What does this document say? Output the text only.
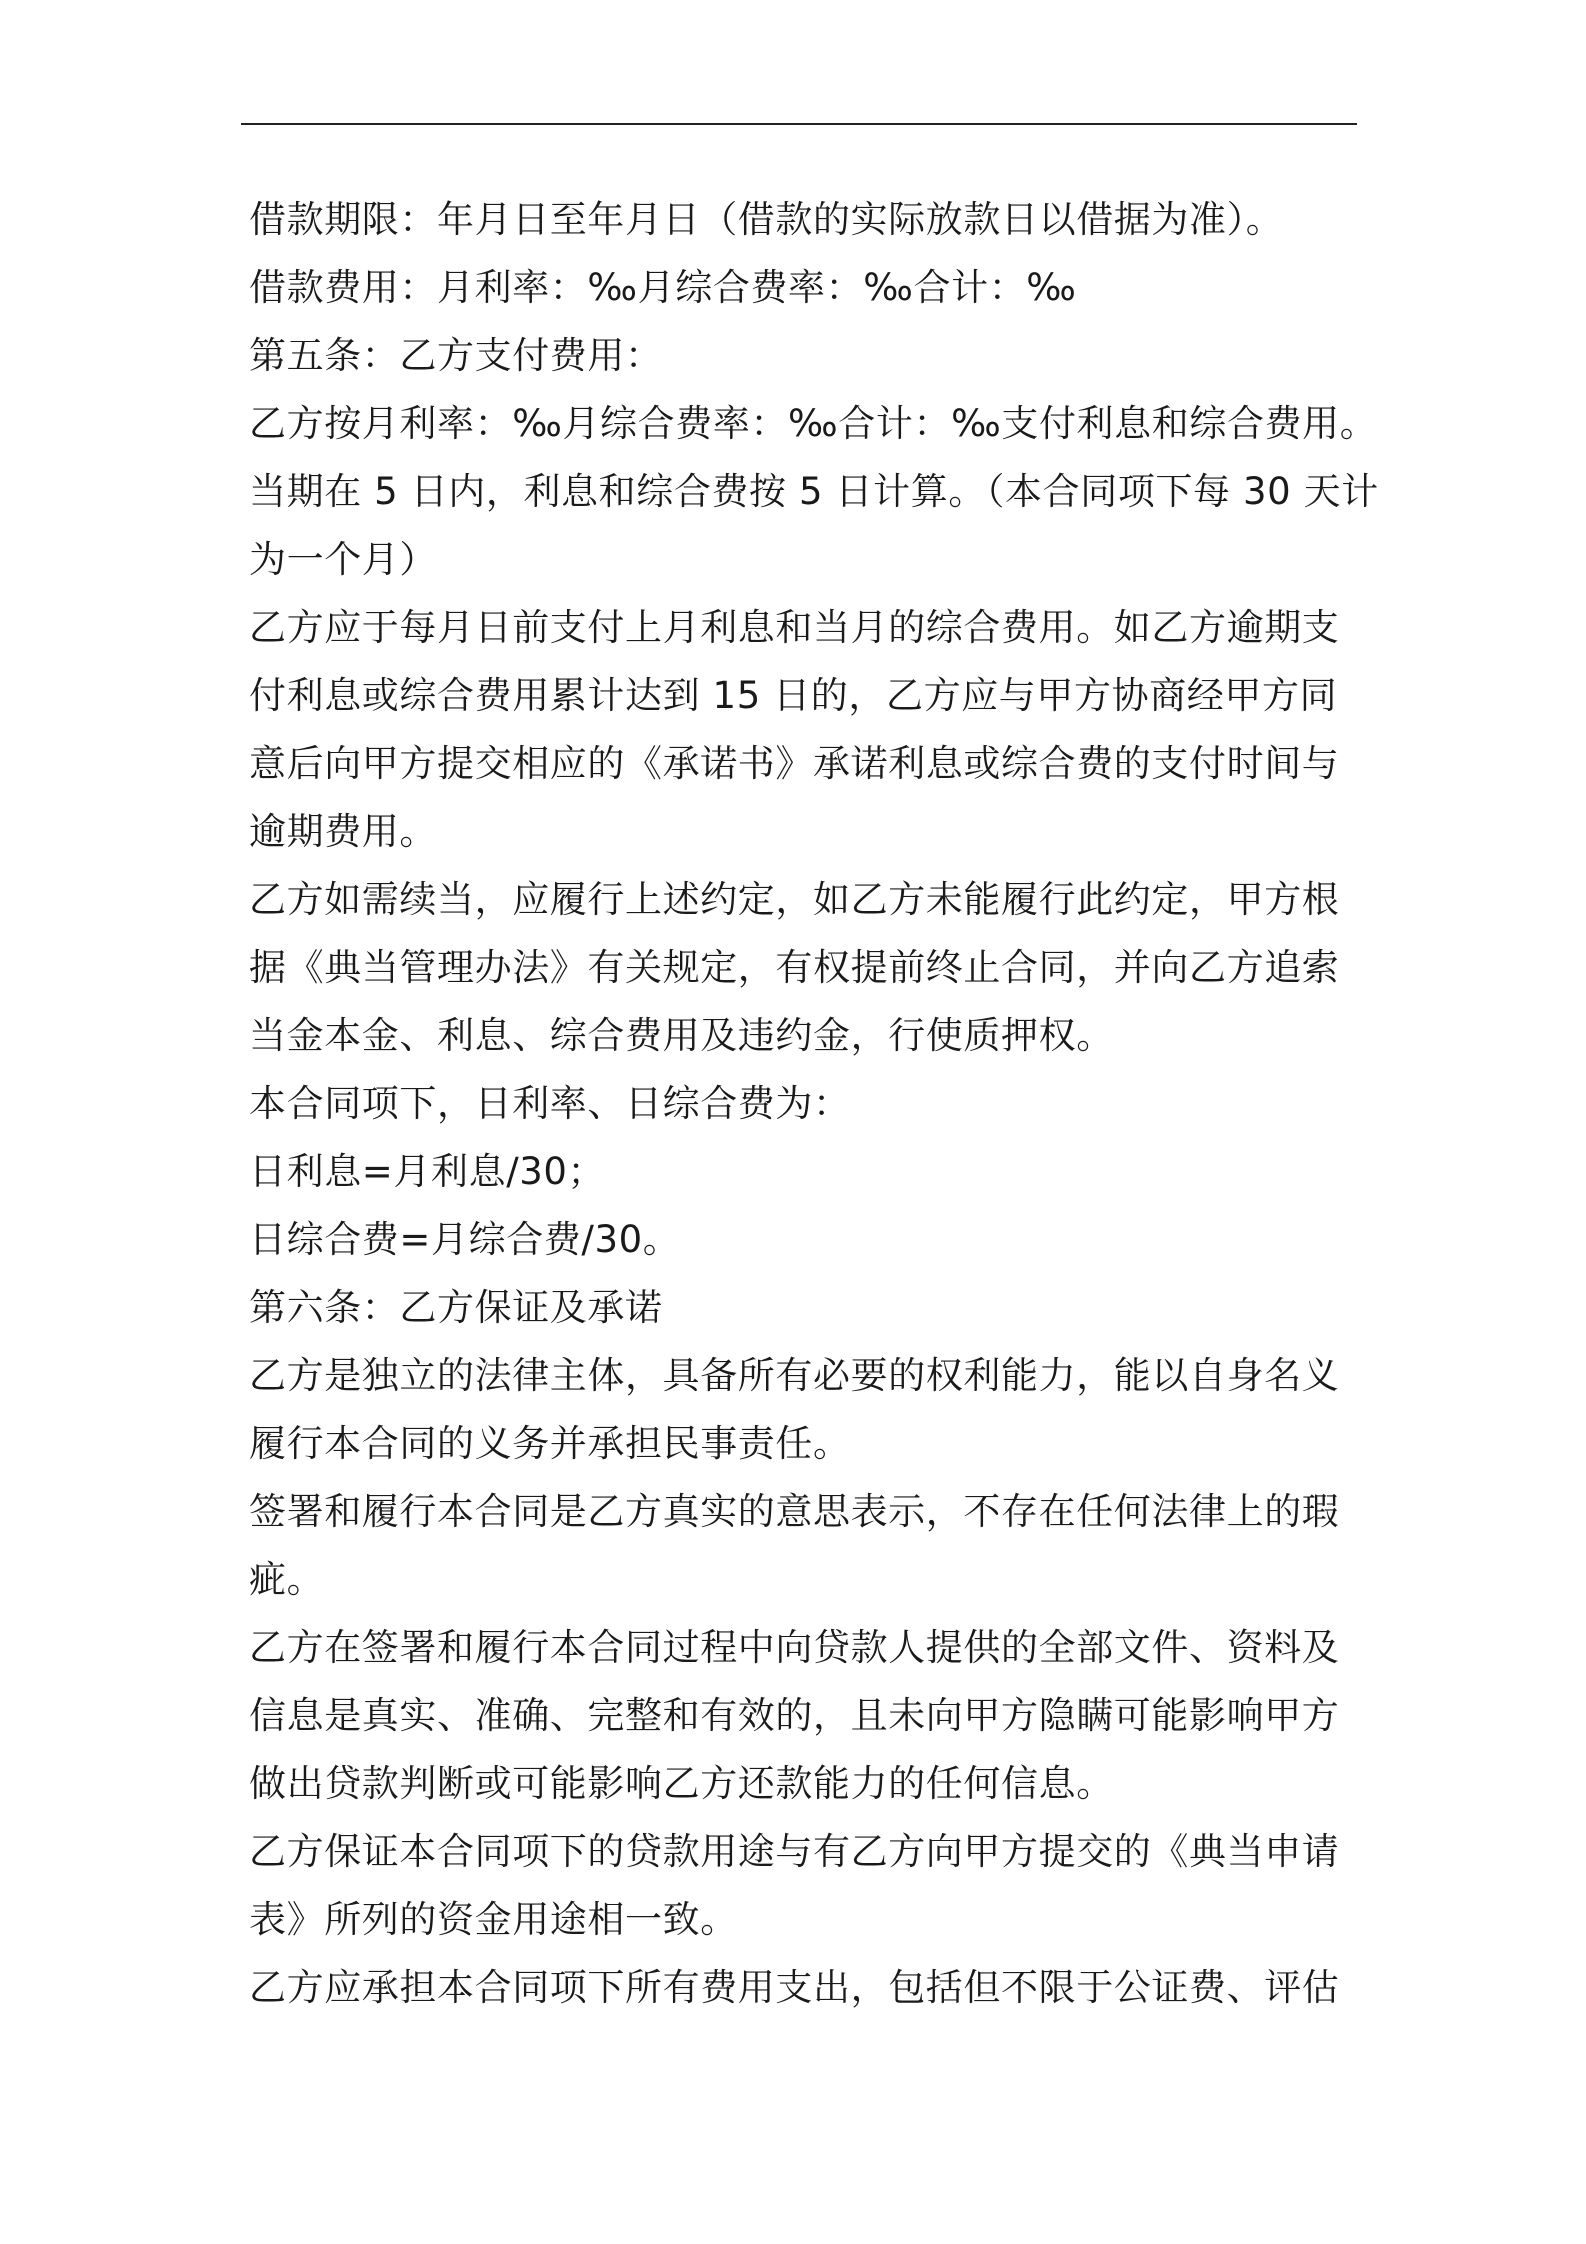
借款期限：年月日至年月日（借款的实际放款日以借据为准）。
借款费用：月利率：‰月综合费率：‰合计：‰
第五条：乙方支付费用：
乙方按月利率：‰月综合费率：‰合计：‰支付利息和综合费用。
当期在 5 日内，利息和综合费按 5 日计算。（本合同项下每 30 天计
为一个月）
乙方应于每月日前支付上月利息和当月的综合费用。如乙方逾期支
付利息或综合费用累计达到 15 日的，乙方应与甲方协商经甲方同
意后向甲方提交相应的《承诺书》承诺利息或综合费的支付时间与
逾期费用。
乙方如需续当，应履行上述约定，如乙方未能履行此约定，甲方根
据《典当管理办法》有关规定，有权提前终止合同，并向乙方追索
当金本金、利息、综合费用及违约金，行使质押权。
本合同项下，日利率、日综合费为：
日利息=月利息/30；
日综合费=月综合费/30。
第六条：乙方保证及承诺
乙方是独立的法律主体，具备所有必要的权利能力，能以自身名义
履行本合同的义务并承担民事责任。
签署和履行本合同是乙方真实的意思表示，不存在任何法律上的瑕
疵。
乙方在签署和履行本合同过程中向贷款人提供的全部文件、资料及
信息是真实、准确、完整和有效的，且未向甲方隐瞒可能影响甲方
做出贷款判断或可能影响乙方还款能力的任何信息。
乙方保证本合同项下的贷款用途与有乙方向甲方提交的《典当申请
表》所列的资金用途相一致。
乙方应承担本合同项下所有费用支出，包括但不限于公证费、评估
